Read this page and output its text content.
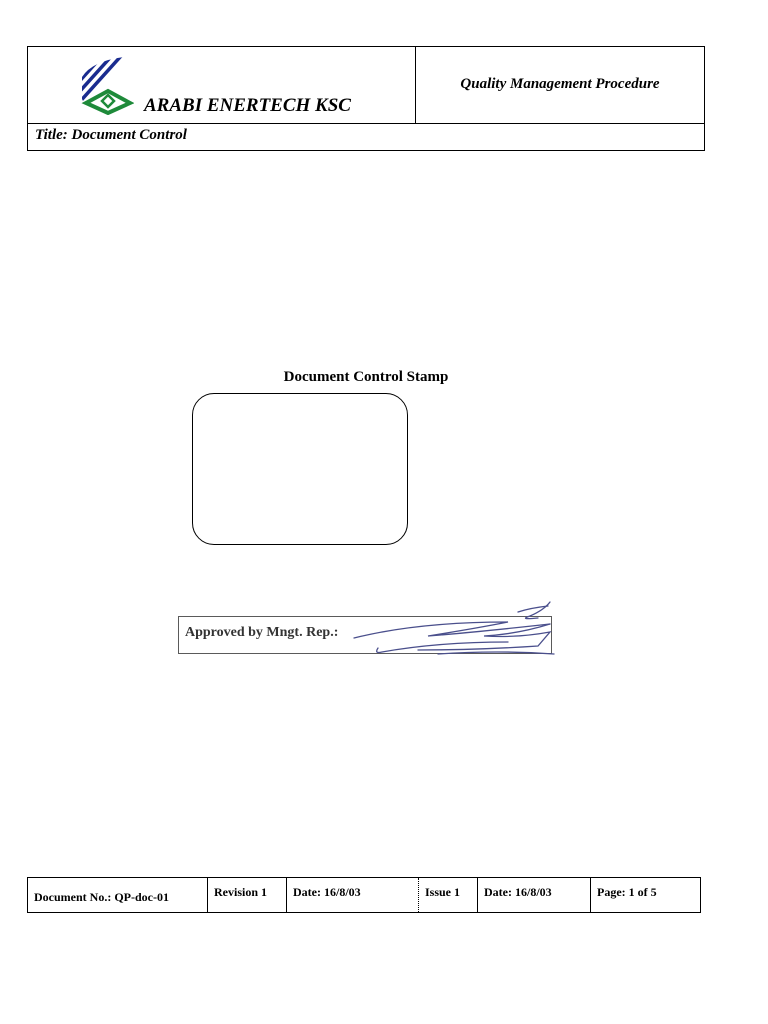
ARABI ENERTECH KSC
Quality Management Procedure
Title: Document Control
Document Control Stamp
Approved by Mngt. Rep.:
Document No.: QP-doc-01	Revision 1	Date: 16/8/03	Issue 1	Date: 16/8/03	Page: 1 of 5
